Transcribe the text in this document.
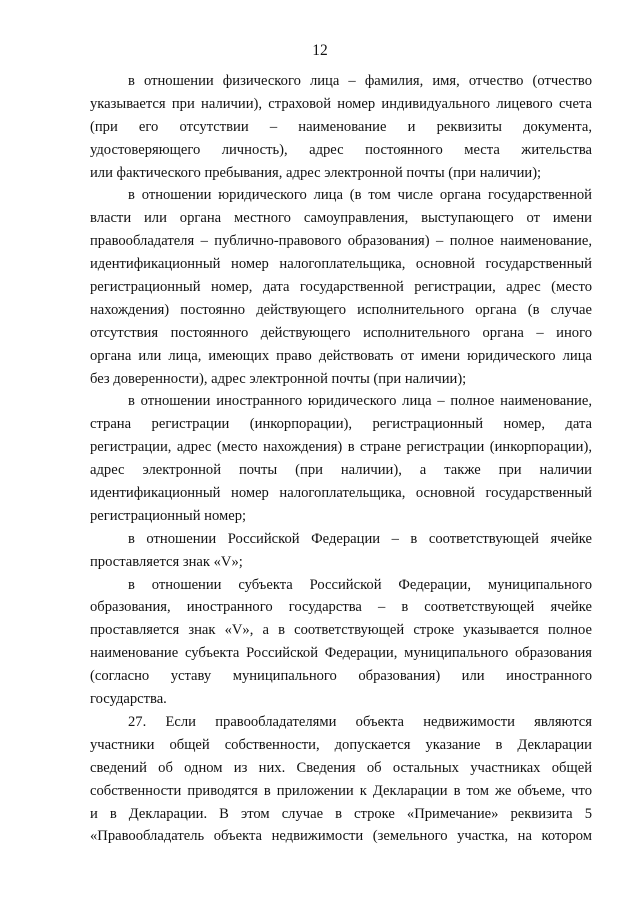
12
в отношении физического лица – фамилия, имя, отчество (отчество
указывается при наличии), страховой номер индивидуального лицевого счета
(при его отсутствии – наименование и реквизиты документа,
удостоверяющего личность), адрес постоянного места жительства
или фактического пребывания, адрес электронной почты (при наличии);
в отношении юридического лица (в том числе органа государственной
власти или органа местного самоуправления, выступающего от имени
правообладателя – публично-правового образования) – полное наименование,
идентификационный номер налогоплательщика, основной государственный
регистрационный номер, дата государственной регистрации, адрес (место
нахождения) постоянно действующего исполнительного органа (в случае
отсутствия постоянного действующего исполнительного органа – иного
органа или лица, имеющих право действовать от имени юридического лица
без доверенности), адрес электронной почты (при наличии);
в отношении иностранного юридического лица – полное наименование,
страна регистрации (инкорпорации), регистрационный номер, дата
регистрации, адрес (место нахождения) в стране регистрации (инкорпорации),
адрес электронной почты (при наличии), а также при наличии
идентификационный номер налогоплательщика, основной государственный
регистрационный номер;
в отношении Российской Федерации – в соответствующей ячейке
проставляется знак «V»;
в отношении субъекта Российской Федерации, муниципального
образования, иностранного государства – в соответствующей ячейке
проставляется знак «V», а в соответствующей строке указывается полное
наименование субъекта Российской Федерации, муниципального образования
(согласно уставу муниципального образования) или иностранного
государства.
27. Если правообладателями объекта недвижимости являются
участники общей собственности, допускается указание в Декларации
сведений об одном из них. Сведения об остальных участниках общей
собственности приводятся в приложении к Декларации в том же объеме, что
и в Декларации. В этом случае в строке «Примечание» реквизита 5
«Правообладатель объекта недвижимости (земельного участка, на котором
